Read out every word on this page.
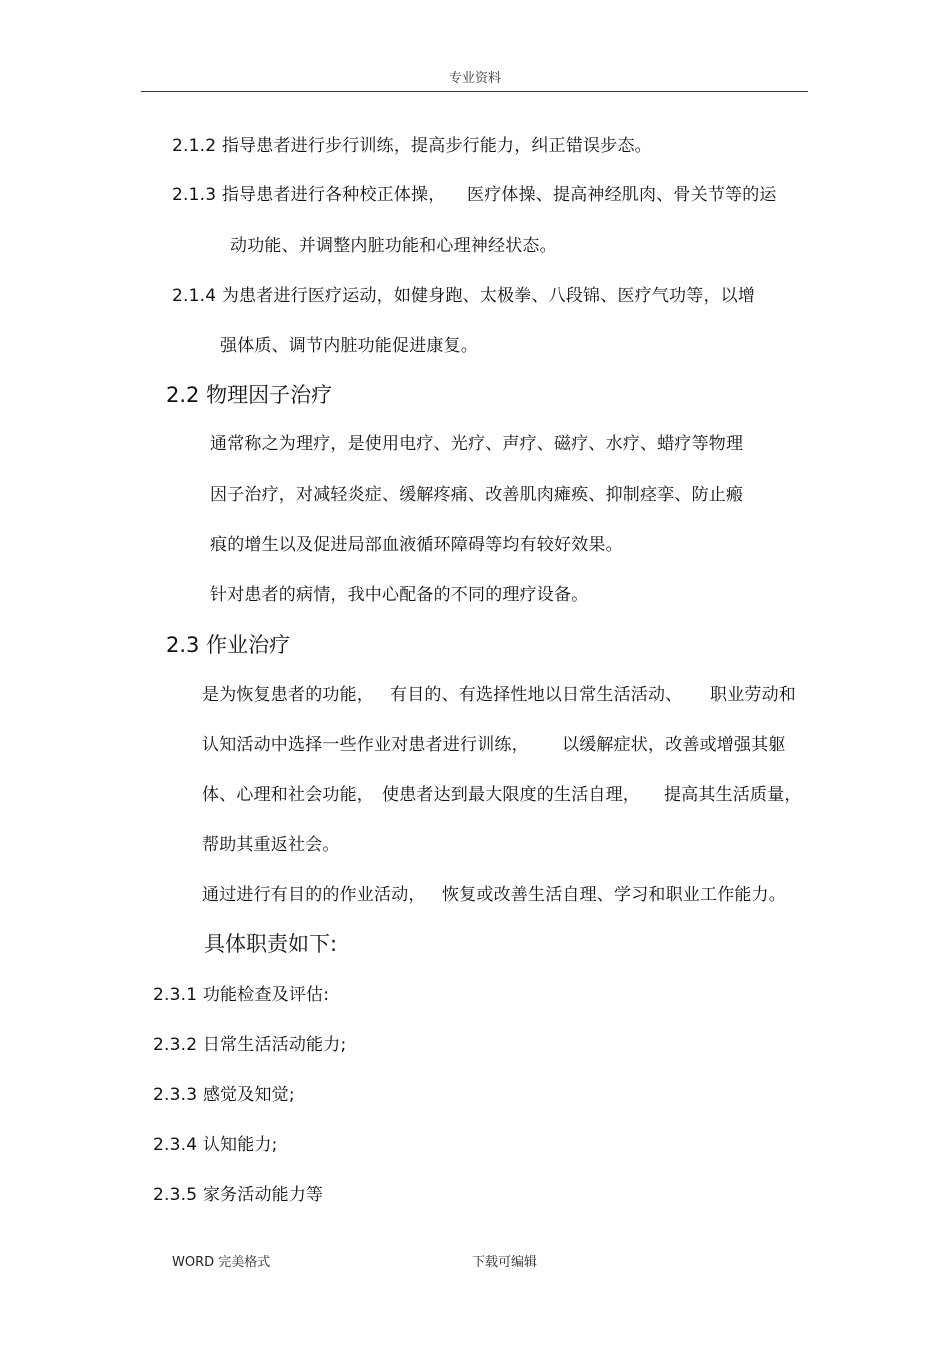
专业资料
2.1.2 指导患者进行步行训练，提高步行能力，纠正错误步态。
2.1.3 指导患者进行各种校正体操， 医疗体操、提高神经肌肉、骨关节等的运
动功能、并调整内脏功能和心理神经状态。
2.1.4 为患者进行医疗运动，如健身跑、太极拳、八段锦、医疗气功等，以增
强体质、调节内脏功能促进康复。
2.2 物理因子治疗
通常称之为理疗，是使用电疗、光疗、声疗、磁疗、水疗、蜡疗等物理
因子治疗，对减轻炎症、缓解疼痛、改善肌肉瘫痪、抑制痉挛、防止瘢
痕的增生以及促进局部血液循环障碍等均有较好效果。
针对患者的病情，我中心配备的不同的理疗设备。
2.3 作业治疗
是为恢复患者的功能， 有目的、有选择性地以日常生活活动、 职业劳动和
认知活动中选择一些作业对患者进行训练， 以缓解症状，改善或增强其躯
体、心理和社会功能， 使患者达到最大限度的生活自理， 提高其生活质量，
帮助其重返社会。
通过进行有目的的作业活动， 恢复或改善生活自理、学习和职业工作能力。
具体职责如下:
2.3.1 功能检查及评估:
2.3.2 日常生活活动能力;
2.3.3 感觉及知觉;
2.3.4 认知能力;
2.3.5 家务活动能力等
WORD 完美格式	下载可编辑
